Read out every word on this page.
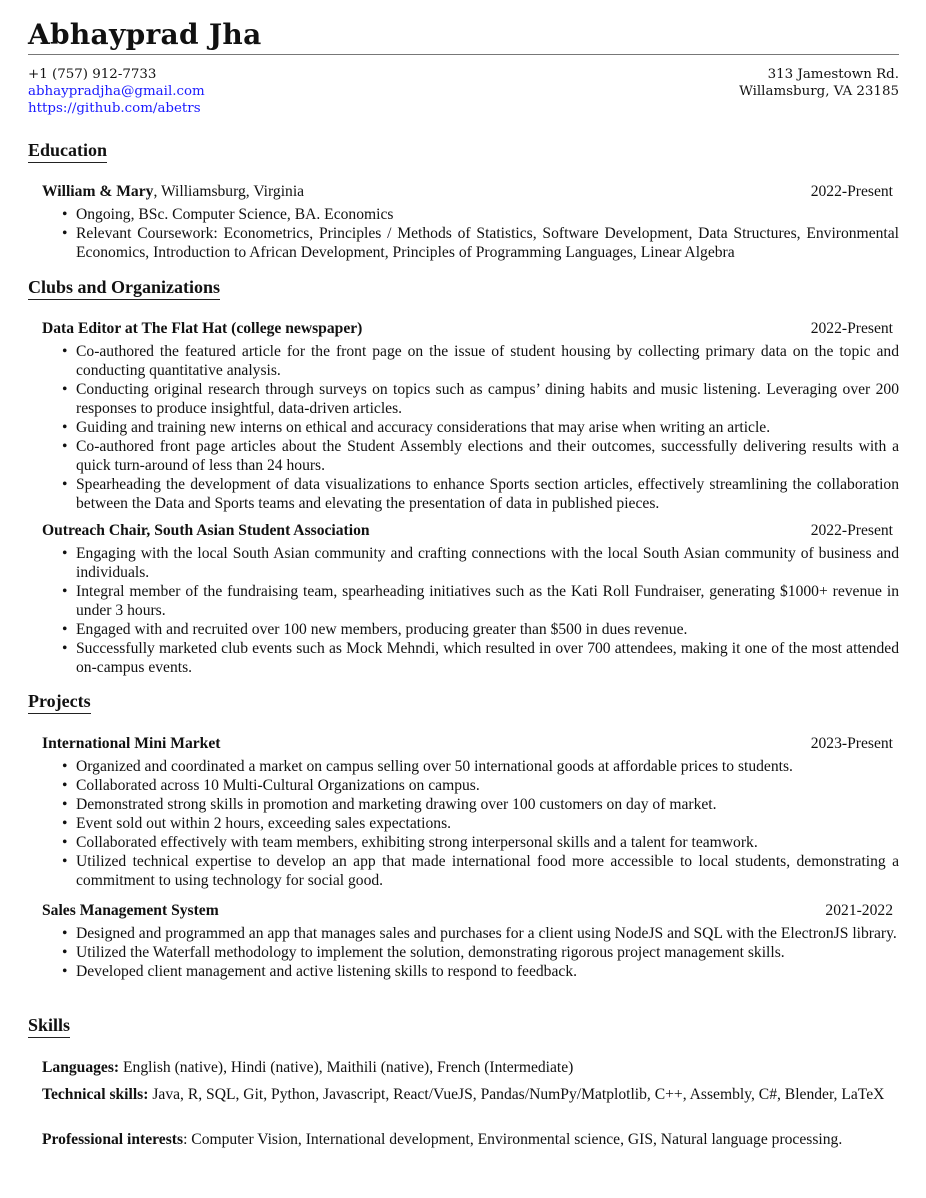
Abhayprad Jha
+1 (757) 912-7733
abhaypradjha@gmail.com
https://github.com/abetrs
313 Jamestown Rd.
Willamsburg, VA 23185
Education
William & Mary, Williamsburg, Virginia	2022-Present
• Ongoing, BSc. Computer Science, BA. Economics
• Relevant Coursework: Econometrics, Principles / Methods of Statistics, Software Development, Data Structures, Environmental Economics, Introduction to African Development, Principles of Programming Languages, Linear Algebra
Clubs and Organizations
Data Editor at The Flat Hat (college newspaper)	2022-Present
• Co-authored the featured article for the front page on the issue of student housing by collecting primary data on the topic and conducting quantitative analysis.
• Conducting original research through surveys on topics such as campus’ dining habits and music listening. Leveraging over 200 responses to produce insightful, data-driven articles.
• Guiding and training new interns on ethical and accuracy considerations that may arise when writing an article.
• Co-authored front page articles about the Student Assembly elections and their outcomes, successfully delivering results with a quick turn-around of less than 24 hours.
• Spearheading the development of data visualizations to enhance Sports section articles, effectively streamlining the collaboration between the Data and Sports teams and elevating the presentation of data in published pieces.
Outreach Chair, South Asian Student Association	2022-Present
• Engaging with the local South Asian community and crafting connections with the local South Asian community of business and individuals.
• Integral member of the fundraising team, spearheading initiatives such as the Kati Roll Fundraiser, generating $1000+ revenue in under 3 hours.
• Engaged with and recruited over 100 new members, producing greater than $500 in dues revenue.
• Successfully marketed club events such as Mock Mehndi, which resulted in over 700 attendees, making it one of the most attended on-campus events.
Projects
International Mini Market	2023-Present
• Organized and coordinated a market on campus selling over 50 international goods at affordable prices to students.
• Collaborated across 10 Multi-Cultural Organizations on campus.
• Demonstrated strong skills in promotion and marketing drawing over 100 customers on day of market.
• Event sold out within 2 hours, exceeding sales expectations.
• Collaborated effectively with team members, exhibiting strong interpersonal skills and a talent for teamwork.
• Utilized technical expertise to develop an app that made international food more accessible to local students, demonstrating a commitment to using technology for social good.
Sales Management System	2021-2022
• Designed and programmed an app that manages sales and purchases for a client using NodeJS and SQL with the ElectronJS library.
• Utilized the Waterfall methodology to implement the solution, demonstrating rigorous project management skills.
• Developed client management and active listening skills to respond to feedback.
Skills
Languages: English (native), Hindi (native), Maithili (native), French (Intermediate)
Technical skills: Java, R, SQL, Git, Python, Javascript, React/VueJS, Pandas/NumPy/Matplotlib, C++, Assembly, C#, Blender, LaTeX
Professional interests: Computer Vision, International development, Environmental science, GIS, Natural language processing.
